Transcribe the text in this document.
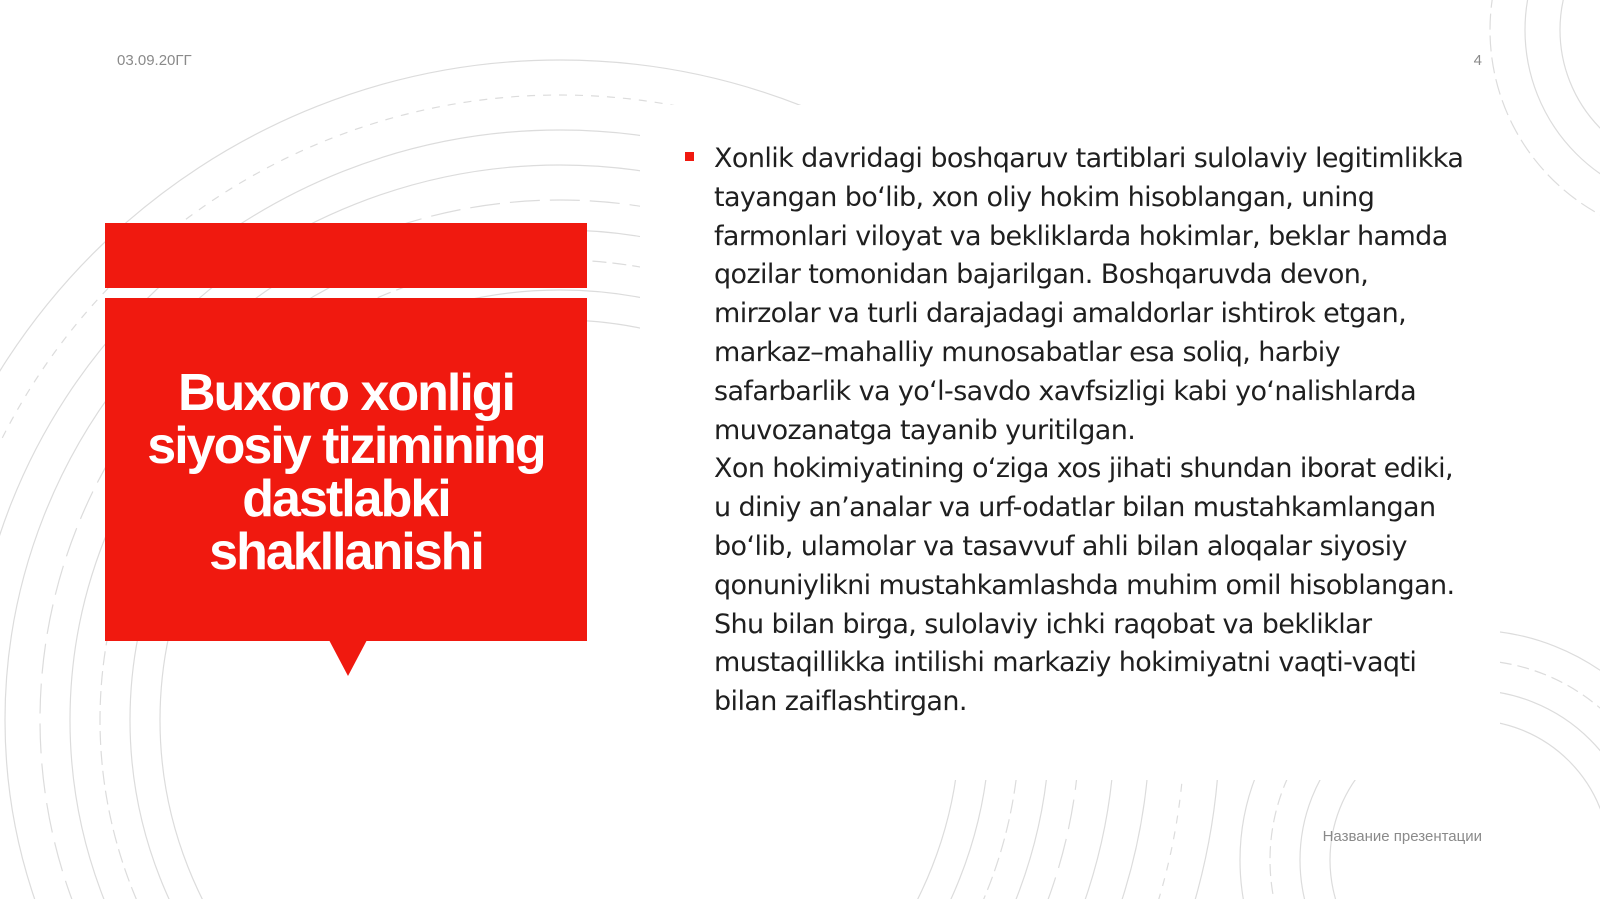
03.09.20ГГ	4
Buxoro xonligi siyosiy tizimining dastlabki shakllanishi

Xonlik davridagi boshqaruv tartiblari sulolaviy legitimlikka tayangan bo‘lib, xon oliy hokim hisoblangan, uning farmonlari viloyat va bekliklarda hokimlar, beklar hamda qozilar tomonidan bajarilgan. Boshqaruvda devon, mirzolar va turli darajadagi amaldorlar ishtirok etgan, markaz–mahalliy munosabatlar esa soliq, harbiy safarbarlik va yo‘l-savdo xavfsizligi kabi yo‘nalishlarda muvozanatga tayanib yuritilgan.
Xon hokimiyatining o‘ziga xos jihati shundan iborat ediki, u diniy an’analar va urf-odatlar bilan mustahkamlangan bo‘lib, ulamolar va tasavvuf ahli bilan aloqalar siyosiy qonuniylikni mustahkamlashda muhim omil hisoblangan. Shu bilan birga, sulolaviy ichki raqobat va bekliklar mustaqillikka intilishi markaziy hokimiyatni vaqti-vaqti bilan zaiflashtirgan.

Название презентации
